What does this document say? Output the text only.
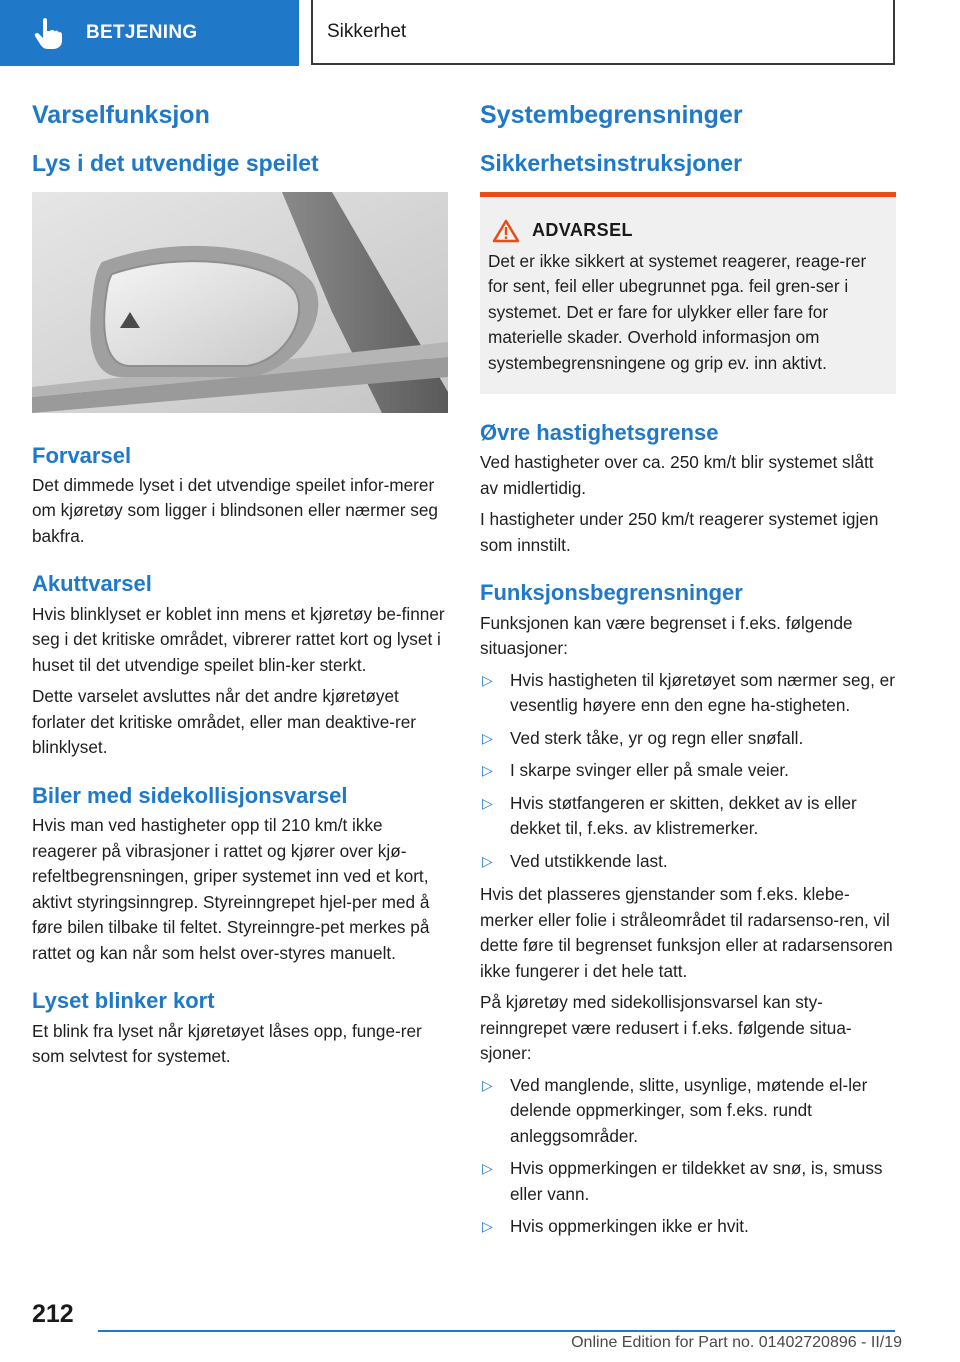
BETJENING	Sikkerhet
Varselfunksjon
Lys i det utvendige speilet
Forvarsel

Det dimmede lyset i det utvendige speilet infor-merer om kjøretøy som ligger i blindsonen eller nærmer seg bakfra.

Akuttvarsel

Hvis blinklyset er koblet inn mens et kjøretøy be-finner seg i det kritiske området, vibrerer rattet kort og lyset i huset til det utvendige speilet blin-ker sterkt.

Dette varselet avsluttes når det andre kjøretøyet forlater det kritiske området, eller man deaktive-rer blinklyset.

Biler med sidekollisjonsvarsel

Hvis man ved hastigheter opp til 210 km/t ikke reagerer på vibrasjoner i rattet og kjører over kjø-refeltbegrensningen, griper systemet inn ved et kort, aktivt styringsinngrep. Styreinngrepet hjel-per med å føre bilen tilbake til feltet. Styreinngre-pet merkes på rattet og kan når som helst over-styres manuelt.

Lyset blinker kort

Et blink fra lyset når kjøretøyet låses opp, funge-rer som selvtest for systemet.

Systembegrensninger
Sikkerhetsinstruksjoner
ADVARSEL
Det er ikke sikkert at systemet reagerer, reage-rer for sent, feil eller ubegrunnet pga. feil gren-ser i systemet. Det er fare for ulykker eller fare for materielle skader. Overhold informasjon om systembegrensningene og grip ev. inn aktivt.
Øvre hastighetsgrense

Ved hastigheter over ca. 250 km/t blir systemet slått av midlertidig.

I hastigheter under 250 km/t reagerer systemet igjen som innstilt.

Funksjonsbegrensninger

Funksjonen kan være begrenset i f.eks. følgende situasjoner:

▷ Hvis hastigheten til kjøretøyet som nærmer seg, er vesentlig høyere enn den egne ha-stigheten.
▷ Ved sterk tåke, yr og regn eller snøfall.
▷ I skarpe svinger eller på smale veier.
▷ Hvis støtfangeren er skitten, dekket av is eller dekket til, f.eks. av klistremerker.
▷ Ved utstikkende last.

Hvis det plasseres gjenstander som f.eks. klebe-merker eller folie i stråleområdet til radarsenso-ren, vil dette føre til begrenset funksjon eller at radarsensoren ikke fungerer i det hele tatt.

På kjøretøy med sidekollisjonsvarsel kan sty-reinngrepet være redusert i f.eks. følgende situa-sjoner:

▷ Ved manglende, slitte, usynlige, møtende el-ler delende oppmerkinger, som f.eks. rundt anleggsområder.
▷ Hvis oppmerkingen er tildekket av snø, is, smuss eller vann.
▷ Hvis oppmerkingen ikke er hvit.
212
Online Edition for Part no. 01402720896 - II/19
